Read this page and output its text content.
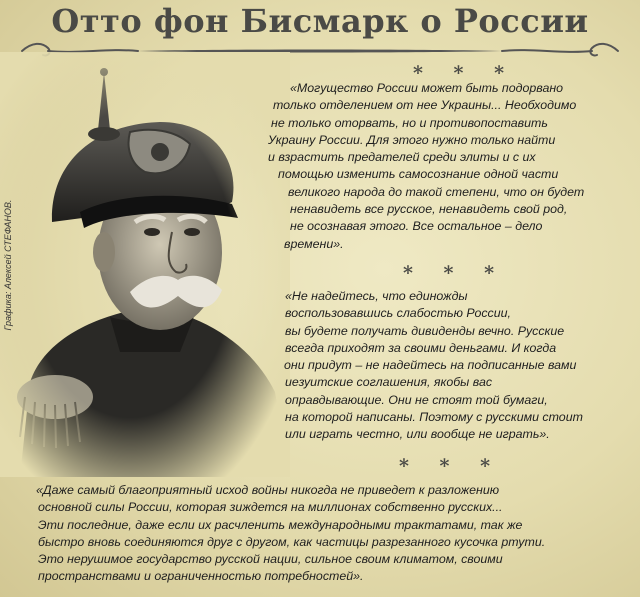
Отто фон Бисмарк о России
Графика: Алексей СТЕФАНОВ.
* * *
* * *
* * *

«Могущество России может быть подорвано
только отделением от нее Украины... Необходимо
не только оторвать, но и противопоставить
Украину России. Для этого нужно только найти
и взрастить предателей среди элиты и с их
помощью изменить самосознание одной части
великого народа до такой степени, что он будет
ненавидеть все русское, ненавидеть свой род,
не осознавая этого. Все остальное – дело
времени».

«Не надейтесь, что единожды
воспользовавшись слабостью России,
вы будете получать дивиденды вечно. Русские
всегда приходят за своими деньгами. И когда
они придут – не надейтесь на подписанные вами
иезуитские соглашения, якобы вас
оправдывающие. Они не стоят той бумаги,
на которой написаны. Поэтому с русскими стоит
или играть честно, или вообще не играть».

«Даже самый благоприятный исход войны никогда не приведет к разложению
основной силы России, которая зиждется на миллионах собственно русских...
Эти последние, даже если их расчленить международными трактатами, так же
быстро вновь соединяются друг с другом, как частицы разрезанного кусочка ртути.
Это нерушимое государство русской нации, сильное своим климатом, своими
пространствами и ограниченностью потребностей».
